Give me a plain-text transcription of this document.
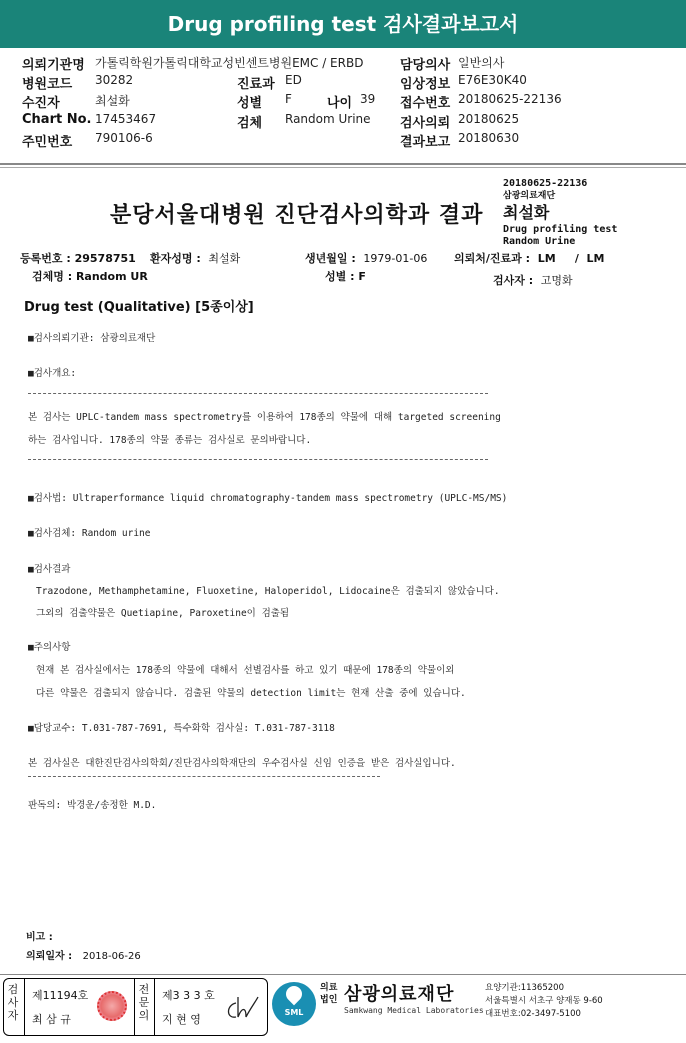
Drug profiling test 검사결과보고서
의뢰기관명 가톨릭학원가톨릭대학교성빈센트병원EMC / ERBD	담당의사 일반의사
병원코드 30282	진료과 ED	임상정보 E76E30K40
수진자	최설화	성별 F	나이 39 접수번호 20180625-22136
Chart No. 17453467	검체 Random Urine 검사의뢰 20180625
주민번호 790106-6	결과보고 20180630
분당서울대병원 진단검사의학과 결과
20180625-22136
삼광의료재단
최설화
Drug profiling test
Random Urine
등록번호 : 29578751 환자성명 : 최설화	생년월일 : 1979-01-06 의뢰처/진료과 : LM / LM
검체명 : Random UR	성별 : F	검사자 : 고명화
Drug test (Qualitative) [5종이상]
■검사의뢰기관: 삼광의료재단
■검사개요:
본 검사는 UPLC-tandem mass spectrometry를 이용하여 178종의 약물에 대해 targeted screening
하는 검사입니다. 178종의 약물 종류는 검사실로 문의바랍니다.
■검사법: Ultraperformance liquid chromatography-tandem mass spectrometry (UPLC-MS/MS)
■검사검체: Random urine
■검사결과
Trazodone, Methamphetamine, Fluoxetine, Haloperidol, Lidocaine은 검출되지 않았습니다.
그외의 검출약물은 Quetiapine, Paroxetine이 검출됨
■주의사항
현재 본 검사실에서는 178종의 약물에 대해서 선별검사를 하고 있기 때문에 178종의 약물이외
다른 약물은 검출되지 않습니다. 검출된 약물의 detection limit는 현재 산출 중에 있습니다.
■담당교수: T.031-787-7691, 특수화학 검사실: T.031-787-3118
본 검사실은 대한진단검사의학회/진단검사의학재단의 우수검사실 신임 인증을 받은 검사실입니다.
판독의: 박경운/송정한 M.D.
비고 :
의뢰일자 : 2018-06-26
검
사
자
제11194호
최 삼 규
전
문
의
제3 3 3 호
지 현 영
SML
의료
법인 삼광의료재단
Samkwang Medical Laboratories
요양기관:11365200
서울특별시 서초구 양재동 9-60
대표번호:02-3497-5100
